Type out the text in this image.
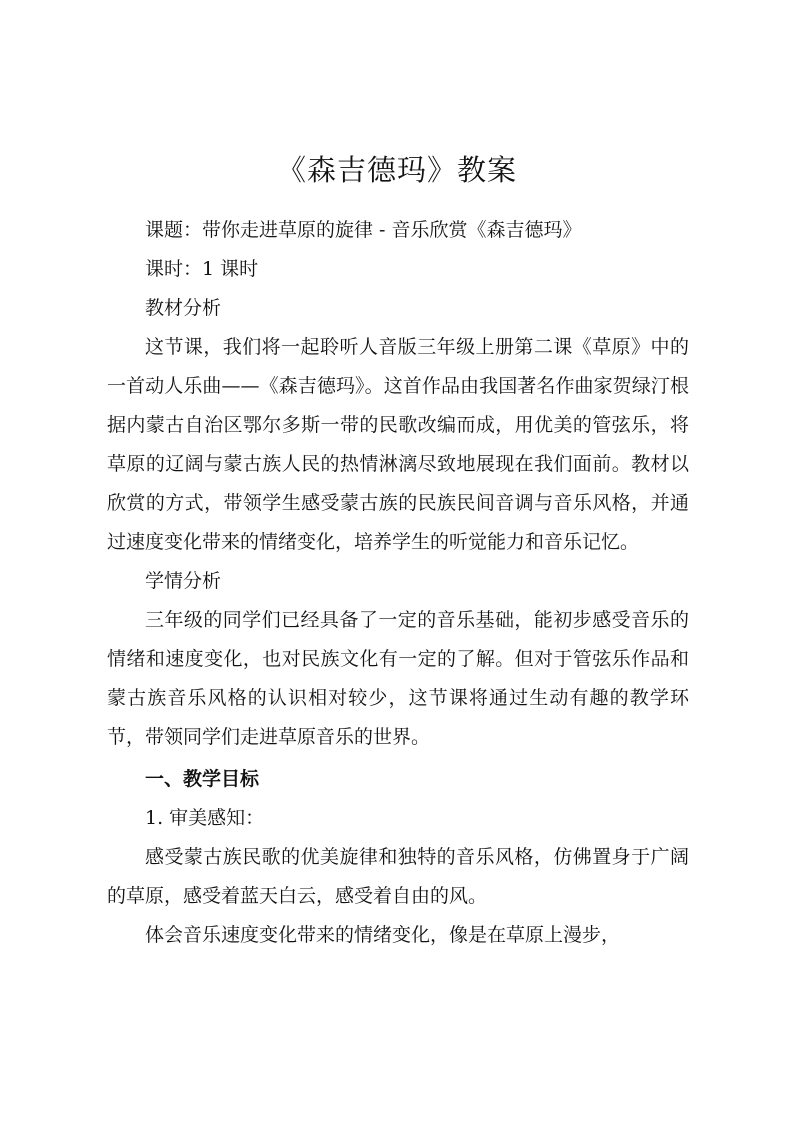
《森吉德玛》教案

课题：带你走进草原的旋律 - 音乐欣赏《森吉德玛》

课时：1 课时

教材分析

这节课，我们将一起聆听人音版三年级上册第二课《草原》中的一首动人乐曲——《森吉德玛》。这首作品由我国著名作曲家贺绿汀根据内蒙古自治区鄂尔多斯一带的民歌改编而成，用优美的管弦乐，将草原的辽阔与蒙古族人民的热情淋漓尽致地展现在我们面前。教材以欣赏的方式，带领学生感受蒙古族的民族民间音调与音乐风格，并通过速度变化带来的情绪变化，培养学生的听觉能力和音乐记忆。

学情分析

三年级的同学们已经具备了一定的音乐基础，能初步感受音乐的情绪和速度变化，也对民族文化有一定的了解。但对于管弦乐作品和蒙古族音乐风格的认识相对较少，这节课将通过生动有趣的教学环节，带领同学们走进草原音乐的世界。

一、教学目标

1. 审美感知：

感受蒙古族民歌的优美旋律和独特的音乐风格，仿佛置身于广阔的草原，感受着蓝天白云，感受着自由的风。

体会音乐速度变化带来的情绪变化，像是在草原上漫步，
